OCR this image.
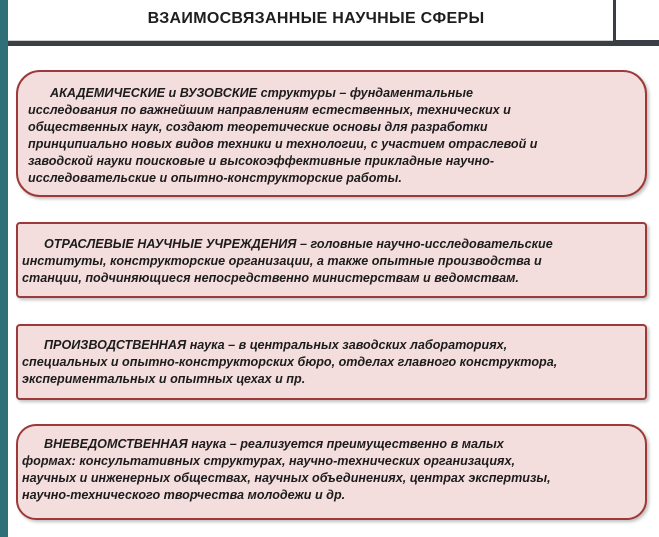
ВЗАИМОСВЯЗАННЫЕ НАУЧНЫЕ СФЕРЫ
АКАДЕМИЧЕСКИЕ и ВУЗОВСКИЕ структуры – фундаментальные
исследования по важнейшим направлениям естественных, технических и
общественных наук, создают теоретические основы для разработки
принципиально новых видов техники и технологии, с участием отраслевой и
заводской науки поисковые и высокоэффективные прикладные научно-
исследовательские и опытно-конструкторские работы.
ОТРАСЛЕВЫЕ НАУЧНЫЕ УЧРЕЖДЕНИЯ – головные научно-исследовательские
институты, конструкторские организации, а также опытные производства и
станции, подчиняющиеся непосредственно министерствам и ведомствам.
ПРОИЗВОДСТВЕННАЯ наука – в центральных заводских лабораториях,
специальных и опытно-конструкторских бюро, отделах главного конструктора,
экспериментальных и опытных цехах и пр.
ВНЕВЕДОМСТВЕННАЯ наука – реализуется преимущественно в малых
формах: консультативных структурах, научно-технических организациях,
научных и инженерных обществах, научных объединениях, центрах экспертизы,
научно-технического творчества молодежи и др.
